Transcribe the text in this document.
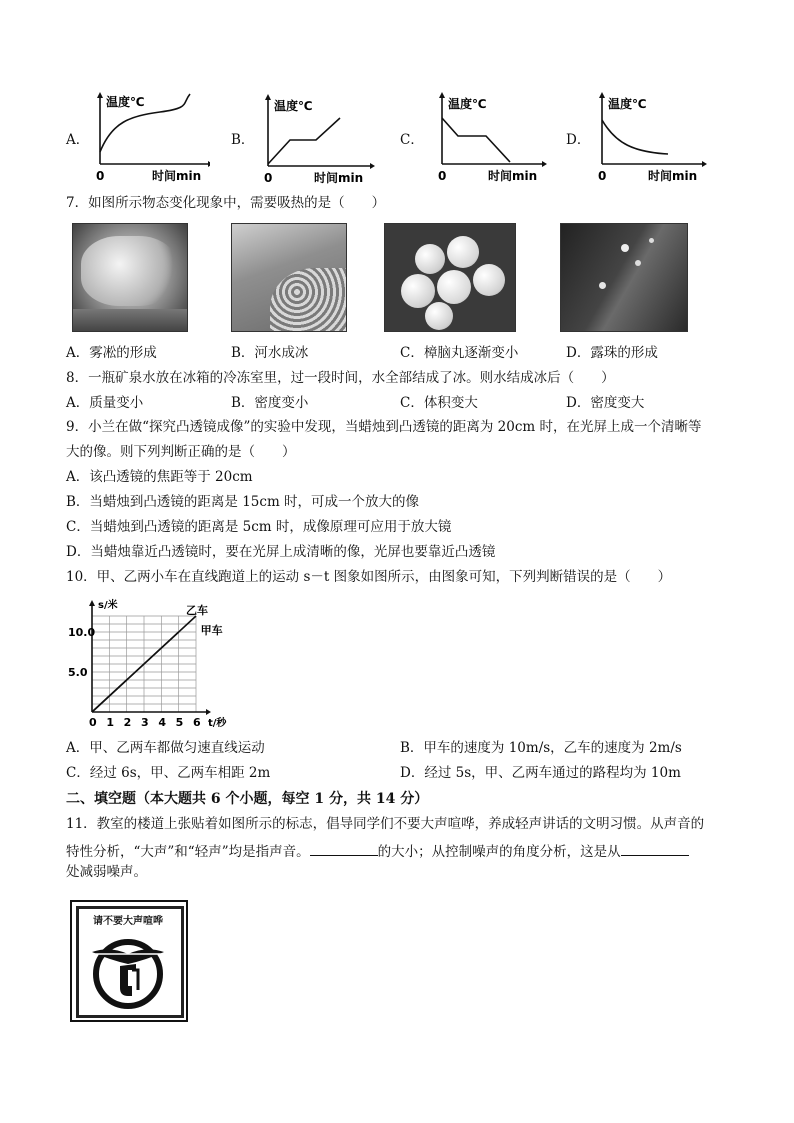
A．
温度℃
0	时间min
B．
温度℃
0	时间min
C．
温度℃
0	时间min
D．
温度℃
0	时间min
7．如图所示物态变化现象中，需要吸热的是（　　）
A．雾凇的形成	B．河水成冰	C．樟脑丸逐渐变小	D．露珠的形成
8．一瓶矿泉水放在冰箱的冷冻室里，过一段时间，水全部结成了冰。则水结成冰后（　　）
A．质量变小	B．密度变小	C．体积变大	D．密度变大
9．小兰在做“探究凸透镜成像”的实验中发现，当蜡烛到凸透镜的距离为 20cm 时，在光屏上成一个清晰等
大的像。则下列判断正确的是（　　）
A．该凸透镜的焦距等于 20cm
B．当蜡烛到凸透镜的距离是 15cm 时，可成一个放大的像
C．当蜡烛到凸透镜的距离是 5cm 时，成像原理可应用于放大镜
D．当蜡烛靠近凸透镜时，要在光屏上成清晰的像，光屏也要靠近凸透镜
10．甲、乙两小车在直线跑道上的运动 s－t 图象如图所示，由图象可知，下列判断错误的是（　　）
乙车
甲车
0 1 2 3 4 5 6
5.0
10.0
t/秒
s/米
A．甲、乙两车都做匀速直线运动	B．甲车的速度为 10m/s，乙车的速度为 2m/s
C．经过 6s，甲、乙两车相距 2m	D．经过 5s，甲、乙两车通过的路程均为 10m
二、填空题（本大题共 6 个小题，每空 1 分，共 14 分）
11．教室的楼道上张贴着如图所示的标志，倡导同学们不要大声喧哗，养成轻声讲话的文明习惯。从声音的
特性分析，“大声”和“轻声”均是指声音。	的大小；从控制噪声的角度分析，这是从
处减弱噪声。
请不要大声喧哗
